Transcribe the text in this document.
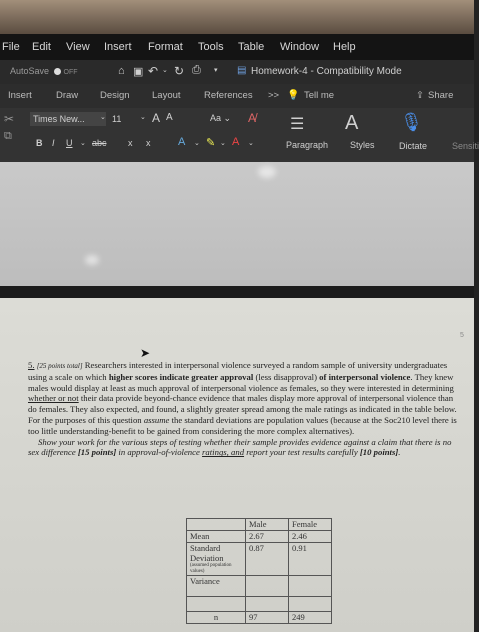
File Edit View Insert Format Tools Table Window Help
AutoSave	OFF	⌂ ▣ ↶ ⌄ ↻ ⎙ ▾ ▤ Homework-4 - Compatibility Mode
Insert	Draw Design Layout References >> 💡 Tell me	⇪ Share
✂
⧉
Times New...	⌄ 11	⌄ A A	Aa ⌄ A̸
B I U ⌄ abc x x	A ⌄ ✎ ⌄ A ⌄
☰
Paragraph
A
Styles
🎙
Dictate	Sensiti
5
➤

5. [25 points total] Researchers interested in interpersonal violence surveyed a random sample of university undergraduates using a scale on which higher scores indicate greater approval (less disapproval) of interpersonal violence. They knew males would display at least as much approval of interpersonal violence as females, so they were interested in determining whether or not their data provide beyond-chance evidence that males display more approval of interpersonal violence than do females. They also expected, and found, a slightly greater spread among the male ratings as indicated in the table below. For the purposes of this question assume the standard deviations are population values (because at the Soc210 level there is too little understanding-benefit to be gained from considering the more complex alternatives).

Show your work for the various steps of testing whether their sample provides evidence against a claim that there is no sex difference [15 points] in approval-of-violence ratings, and report your test results carefully [10 points].

	Male	Female
Mean	2.67	2.46
Standard Deviation
(assumed population values)	0.87	0.91
Variance		

n	97	249
